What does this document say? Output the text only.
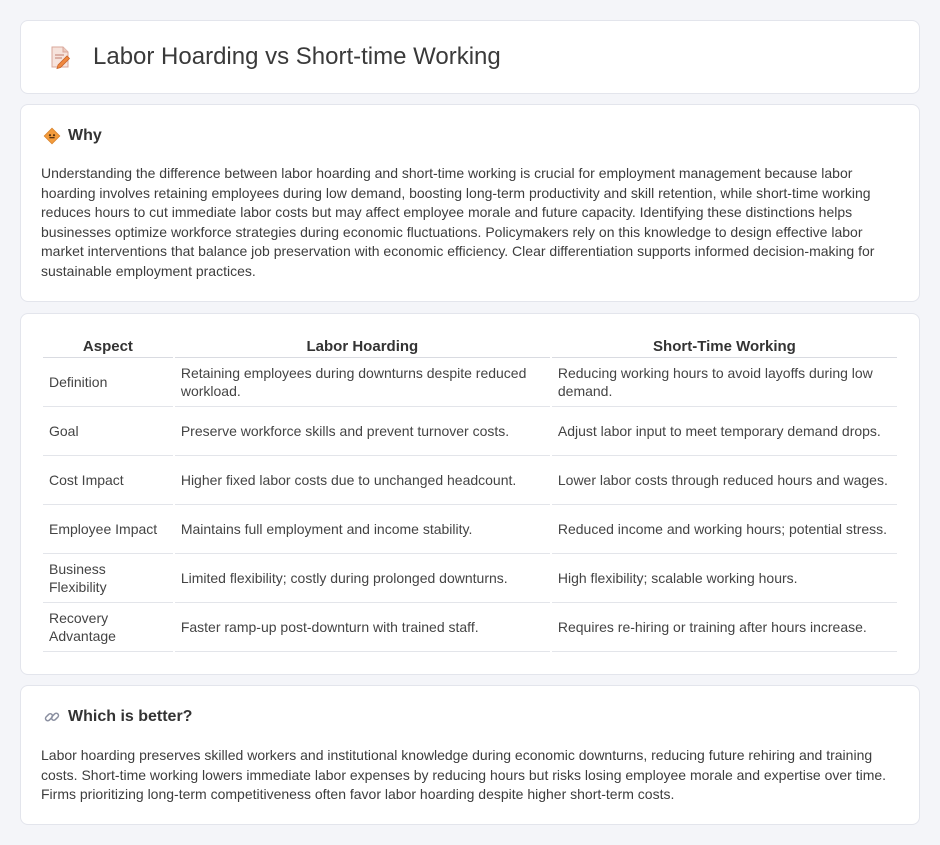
Labor Hoarding vs Short-time Working
Why

Understanding the difference between labor hoarding and short-time working is crucial for employment management because labor hoarding involves retaining employees during low demand, boosting long-term productivity and skill retention, while short-time working reduces hours to cut immediate labor costs but may affect employee morale and future capacity. Identifying these distinctions helps businesses optimize workforce strategies during economic fluctuations. Policymakers rely on this knowledge to design effective labor market interventions that balance job preservation with economic efficiency. Clear differentiation supports informed decision-making for sustainable employment practices.

Aspect	Labor Hoarding	Short-Time Working
Definition	Retaining employees during downturns despite reduced workload.	Reducing working hours to avoid layoffs during low demand.
Goal	Preserve workforce skills and prevent turnover costs.	Adjust labor input to meet temporary demand drops.
Cost Impact	Higher fixed labor costs due to unchanged headcount.	Lower labor costs through reduced hours and wages.
Employee Impact	Maintains full employment and income stability.	Reduced income and working hours; potential stress.
Business Flexibility	Limited flexibility; costly during prolonged downturns.	High flexibility; scalable working hours.
Recovery Advantage	Faster ramp-up post-downturn with trained staff.	Requires re-hiring or training after hours increase.
Which is better?

Labor hoarding preserves skilled workers and institutional knowledge during economic downturns, reducing future rehiring and training costs. Short-time working lowers immediate labor expenses by reducing hours but risks losing employee morale and expertise over time. Firms prioritizing long-term competitiveness often favor labor hoarding despite higher short-term costs.
